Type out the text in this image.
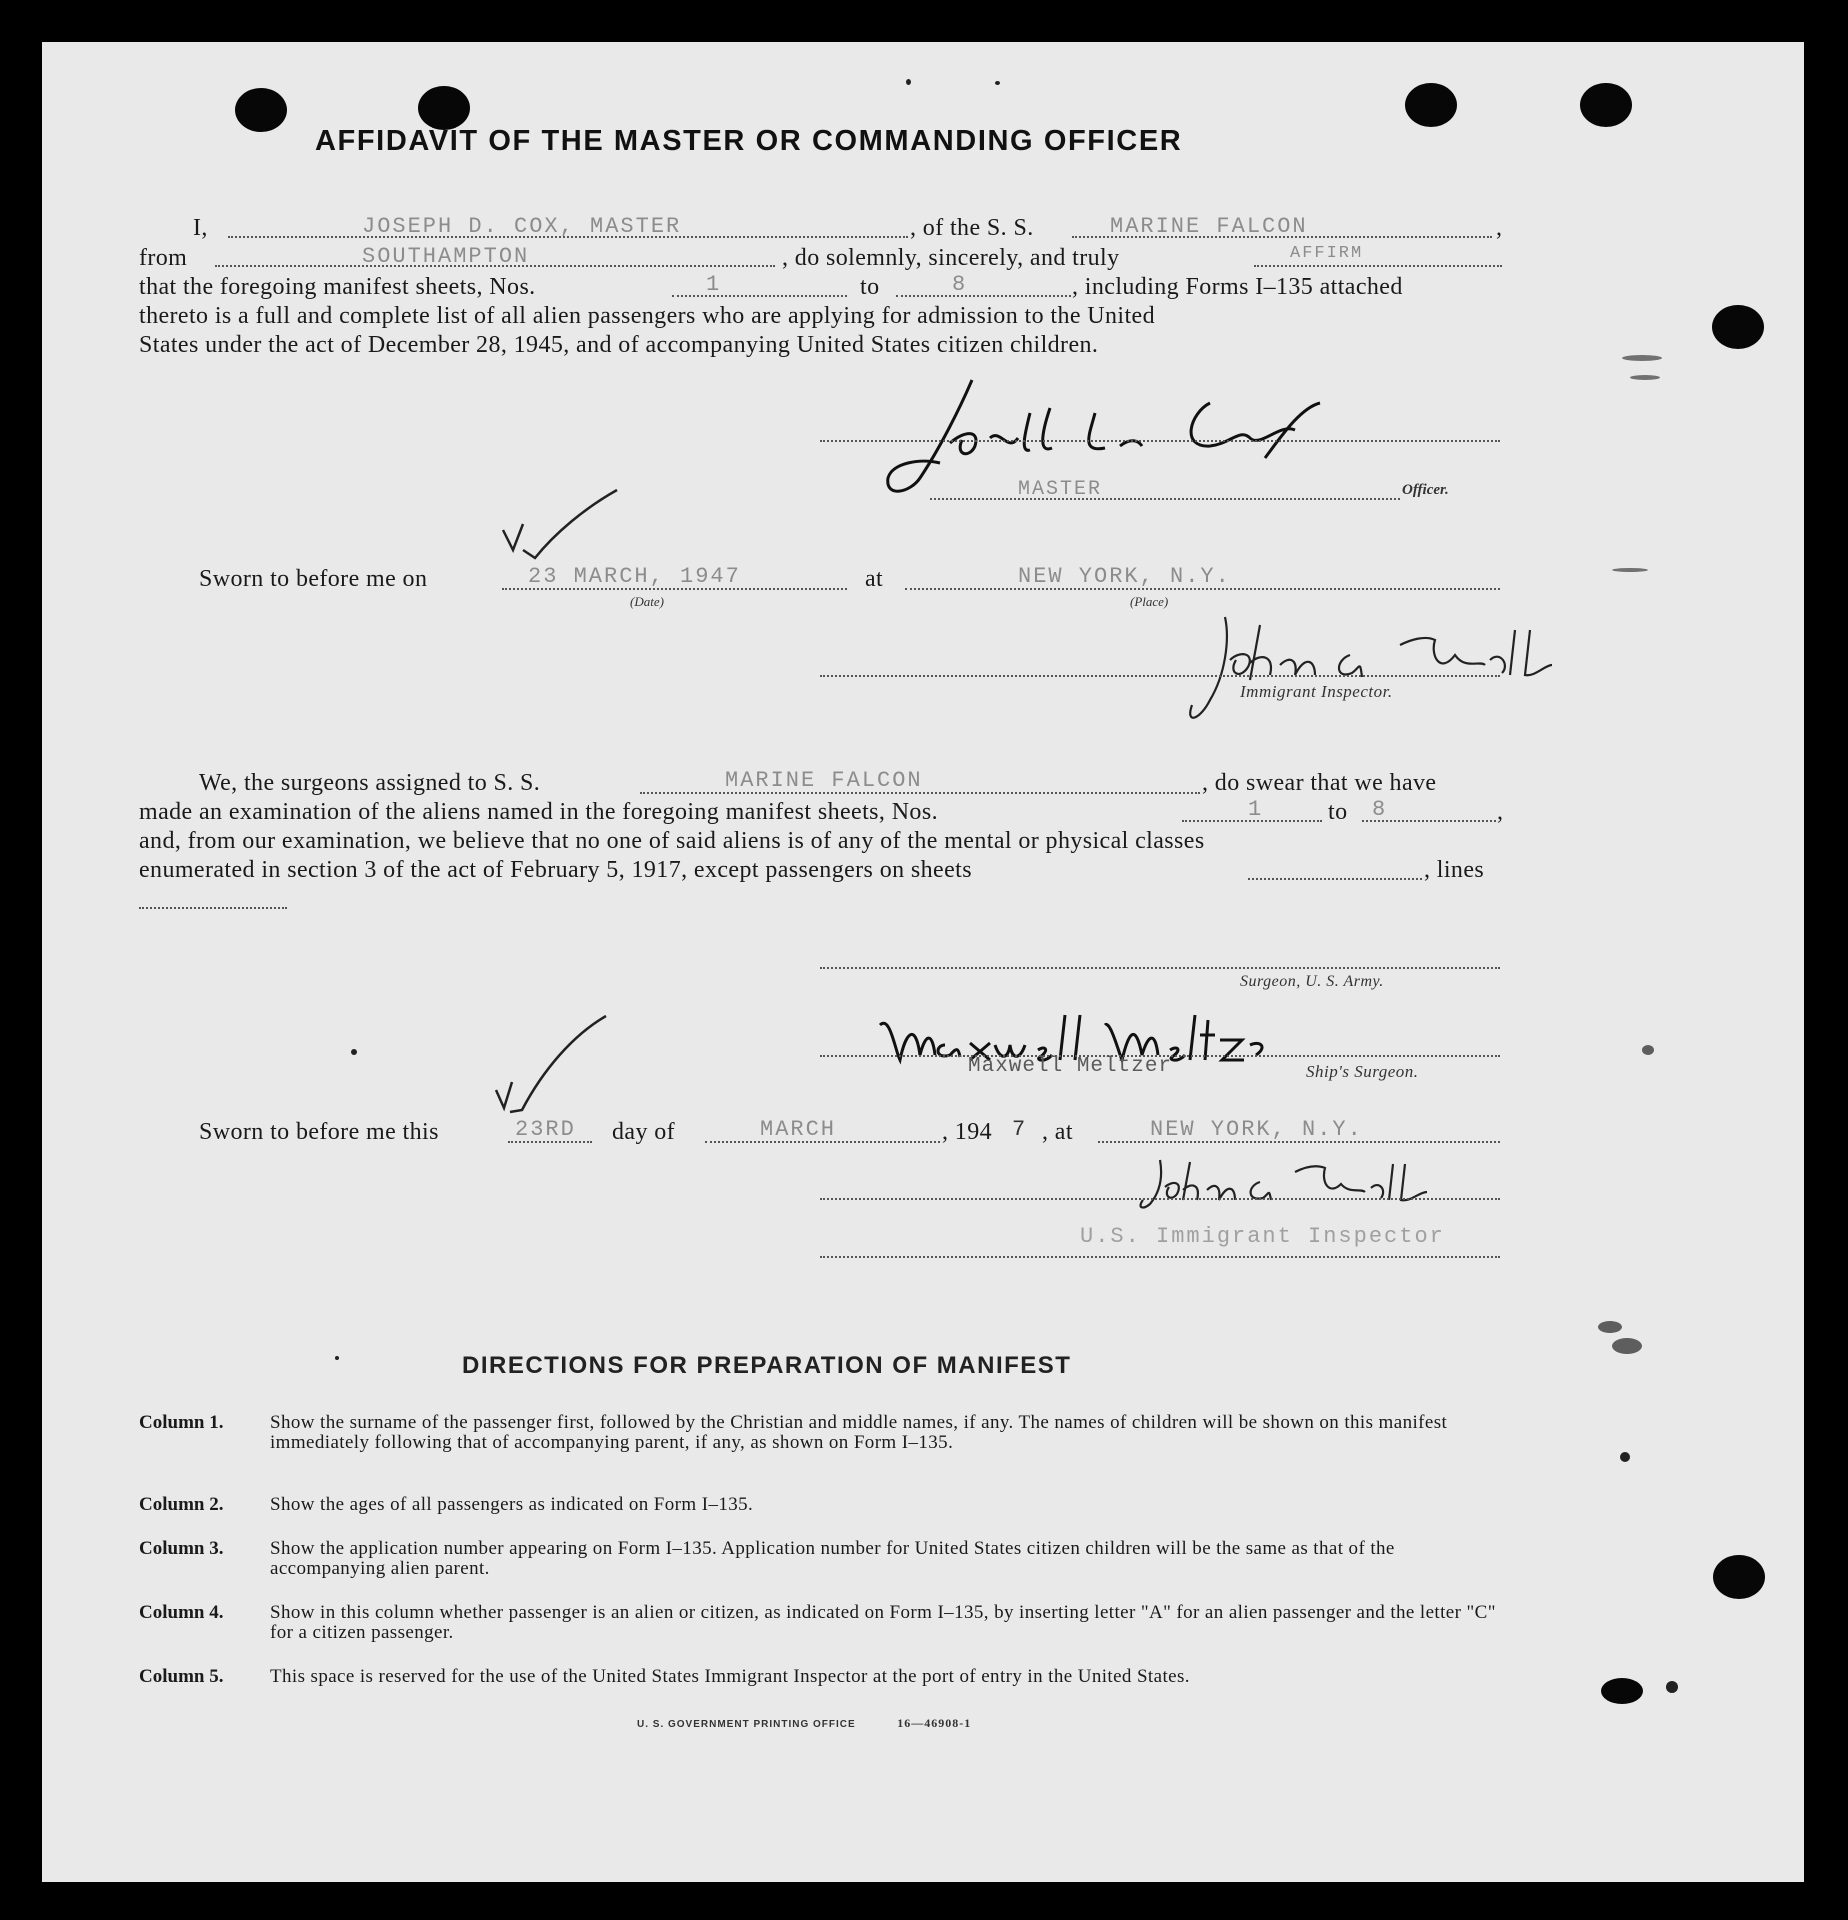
AFFIDAVIT OF THE MASTER OR COMMANDING OFFICER
I,	JOSEPH D. COX, MASTER	, of the S. S.	MARINE FALCON	,
from	SOUTHAMPTON	, do solemnly, sincerely, and truly	AFFIRM
that the foregoing manifest sheets, Nos.	1	to	8	, including Forms I–135 attached
thereto is a full and complete list of all alien passengers who are applying for admission to the United
States under the act of December 28, 1945, and of accompanying United States citizen children.
MASTER	Officer.
Sworn to before me on	23 MARCH, 1947
(Date)
at	NEW YORK, N.Y.
(Place)
Immigrant Inspector.
We, the surgeons assigned to S. S.	MARINE FALCON	, do swear that we have
made an examination of the aliens named in the foregoing manifest sheets, Nos.	1	to 8	,
and, from our examination, we believe that no one of said aliens is of any of the mental or physical classes
enumerated in section 3 of the act of February 5, 1917, except passengers on sheets	, lines
Surgeon, U. S. Army.
Maxwell Meltzer	Ship's Surgeon.
Sworn to before me this	23RD day of	MARCH	, 194 7 , at	NEW YORK, N.Y.
U.S. Immigrant Inspector
DIRECTIONS FOR PREPARATION OF MANIFEST
Column 1. Show the surname of the passenger first, followed by the Christian and middle names, if any. The names of children will be shown on this manifest immediately following that of accompanying parent, if any, as shown on Form I–135.
Column 2. Show the ages of all passengers as indicated on Form I–135.
Column 3. Show the application number appearing on Form I–135. Application number for United States citizen children will be the same as that of the accompanying alien parent.
Column 4. Show in this column whether passenger is an alien or citizen, as indicated on Form I–135, by inserting letter "A" for an alien passenger and the letter "C" for a citizen passenger.
Column 5. This space is reserved for the use of the United States Immigrant Inspector at the port of entry in the United States.
U. S. GOVERNMENT PRINTING OFFICE	16—46908-1
